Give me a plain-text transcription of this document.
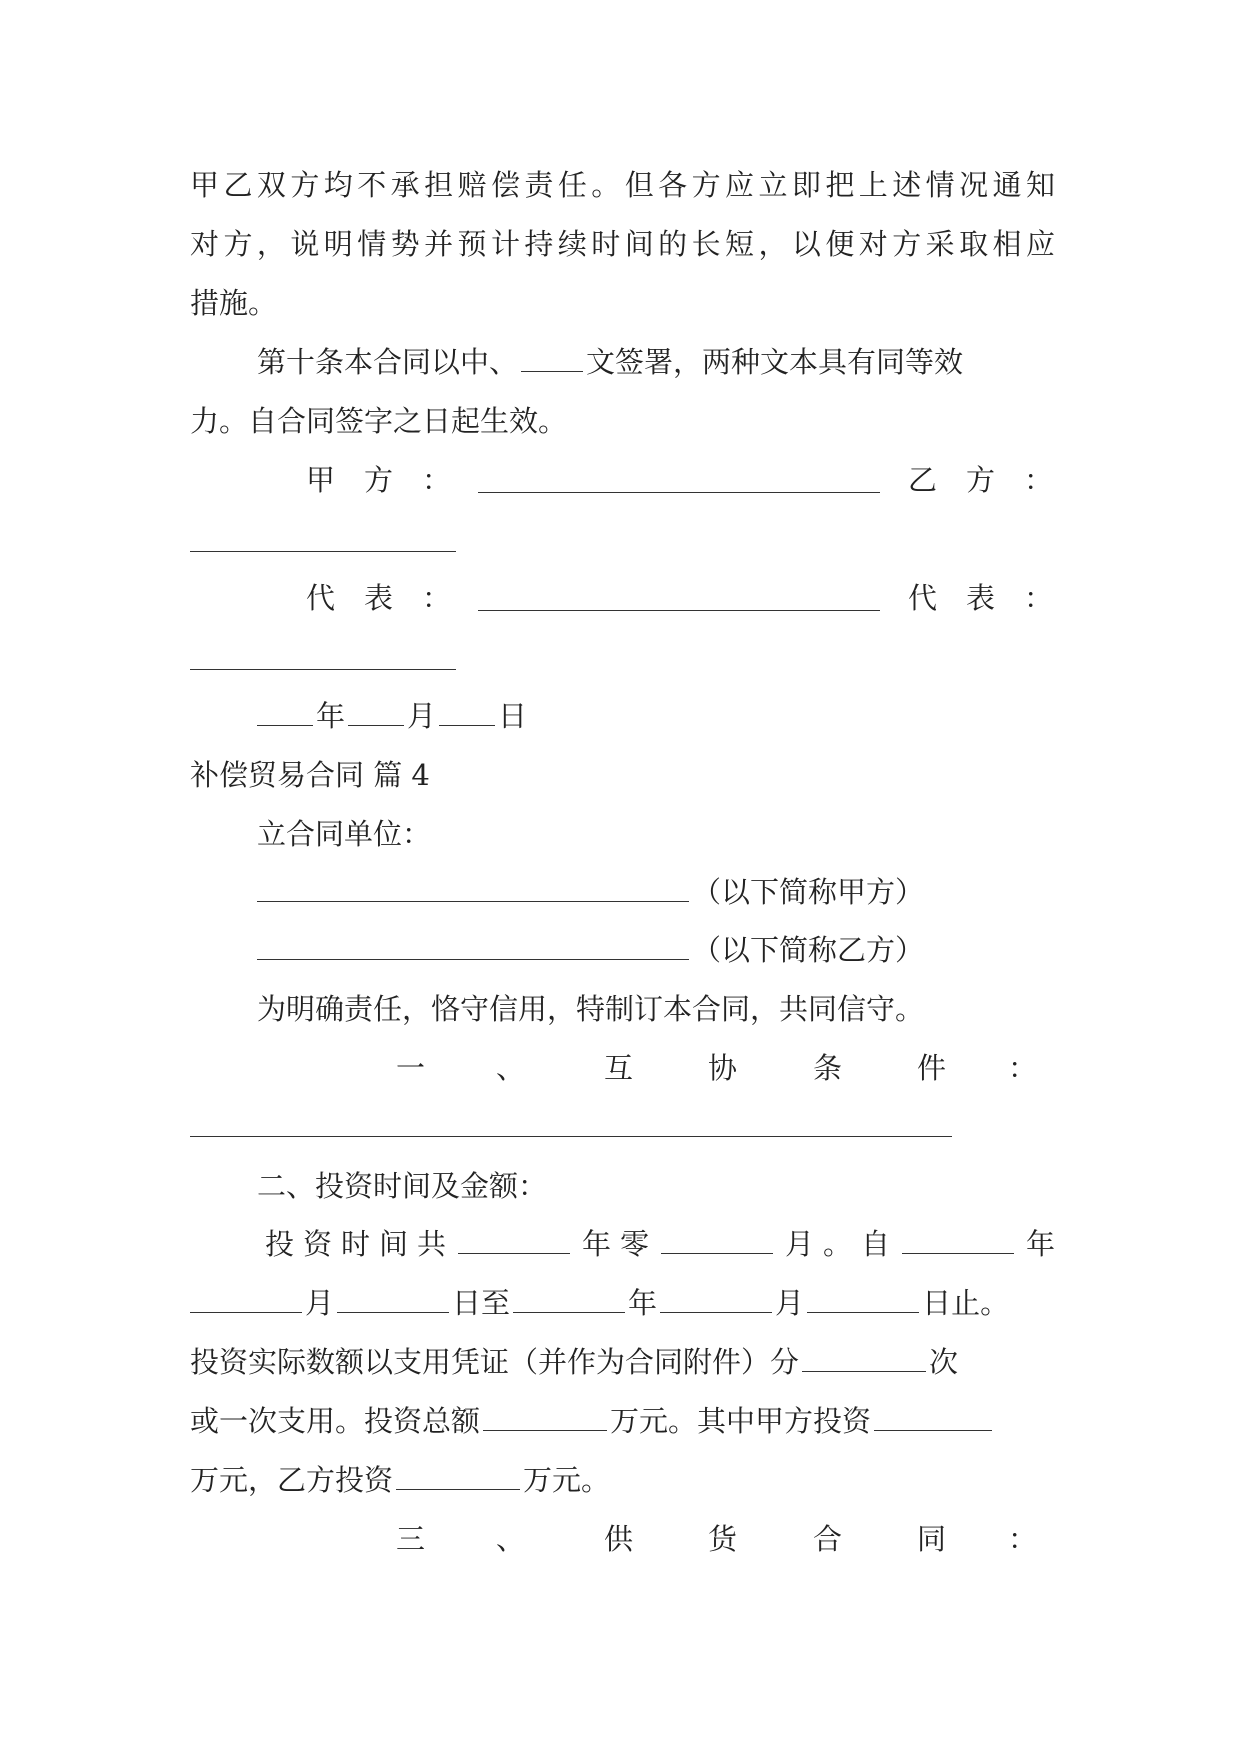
甲乙双方均不承担赔偿责任。但各方应立即把上述情况通知
对方，说明情势并预计持续时间的长短，以便对方采取相应
措施。
第十条本合同以中、 文签署，两种文本具有同等效
力。自合同签字之日起生效。
甲　方　：	乙　方　：
代　表　：	代　表　：
年 月 日
补偿贸易合同 篇 4
立合同单位：
（以下简称甲方）
（以下简称乙方）
为明确责任，恪守信用，特制订本合同，共同信守。
一 、	互	协	条	件 ：
二、投资时间及金额：
投资时间共	年零	月。自	年
月	日至	年	月	日止。
投资实际数额以支用凭证（并作为合同附件）分	次
或一次支用。投资总额	万元。其中甲方投资
万元，乙方投资	万元。
三 、	供	货	合	同 ：
